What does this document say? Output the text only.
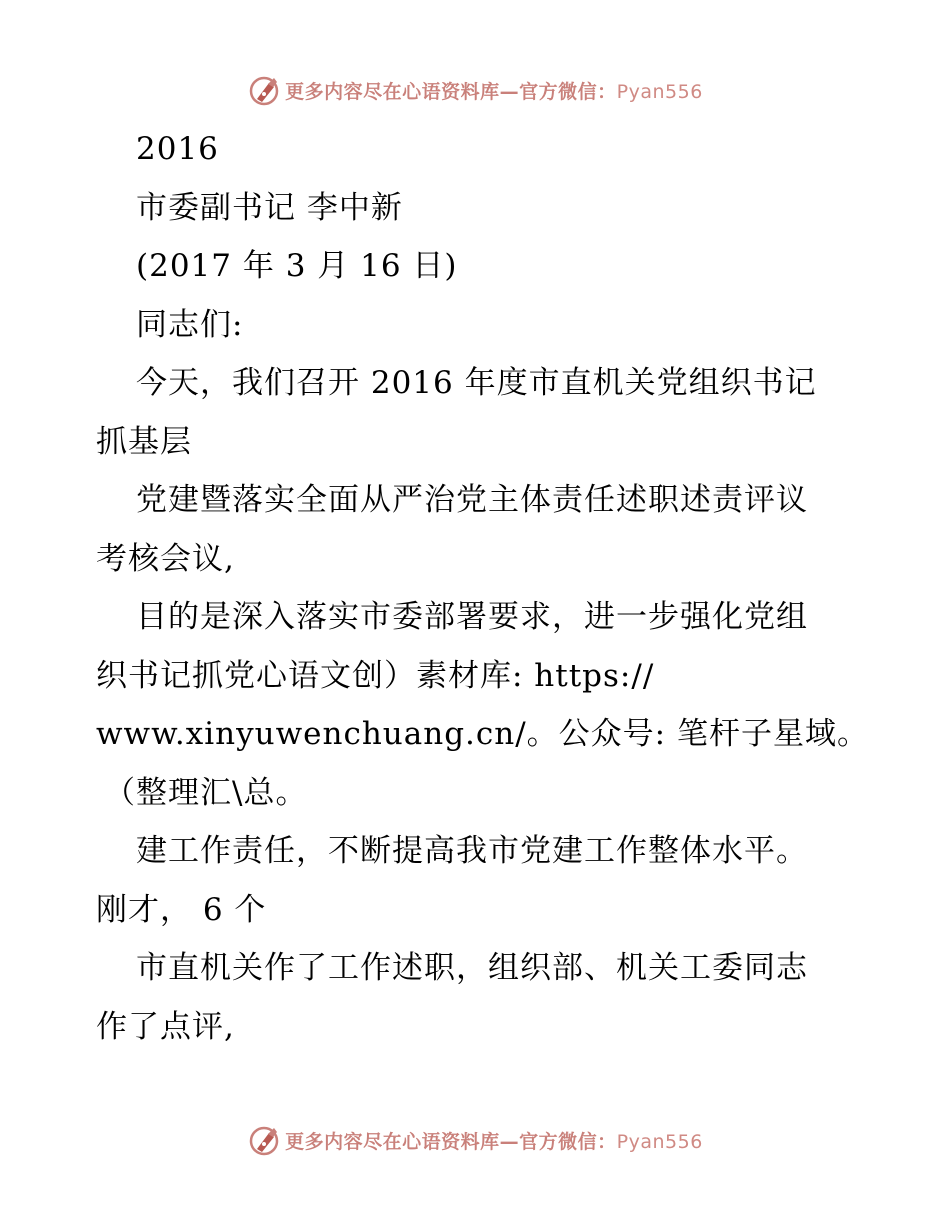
更多内容尽在心语资料库—官方微信：Pyan556
2016
市委副书记 李中新
(2017 年 3 月 16 日)
同志们:
今天，我们召开 2016 年度市直机关党组织书记
抓基层
党建暨落实全面从严治党主体责任述职述责评议
考核会议,
目的是深入落实市委部署要求，进一步强化党组
织书记抓党心语文创）素材库: https://
www.xinyuwenchuang.cn/。公众号: 笔杆子星域。
（整理汇\总。
建工作责任，不断提高我市党建工作整体水平。
刚才， 6 个
市直机关作了工作述职，组织部、机关工委同志
作了点评,
更多内容尽在心语资料库—官方微信：Pyan556
